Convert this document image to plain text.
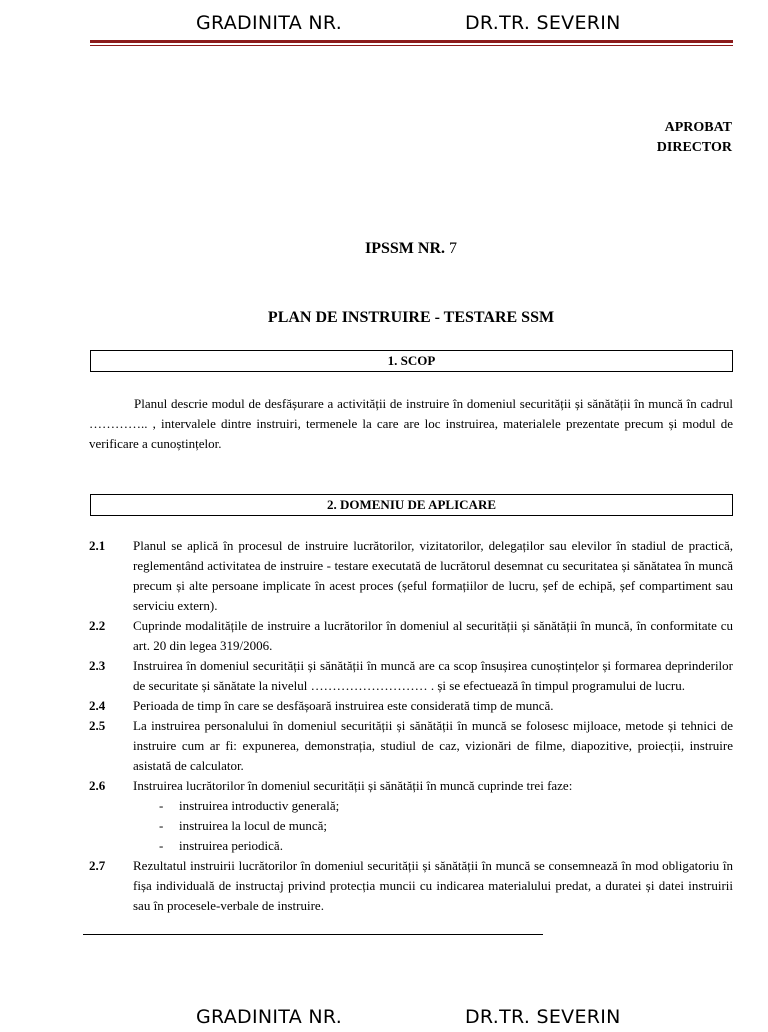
GRADINITA NR.	DR.TR. SEVERIN
APROBAT
DIRECTOR
IPSSM NR. 7
PLAN DE INSTRUIRE - TESTARE SSM
1. SCOP
Planul descrie modul de desfășurare a activității de instruire în domeniul securității și sănătății în muncă în cadrul ………….. , intervalele dintre instruiri, termenele la care are loc instruirea, materialele prezentate precum și modul de verificare a cunoștințelor.
2. DOMENIU DE APLICARE
2.1	Planul se aplică în procesul de instruire lucrătorilor, vizitatorilor, delegaților sau elevilor în stadiul de practică, reglementând activitatea de instruire - testare executată de lucrătorul desemnat cu securitatea și sănătatea în muncă precum și alte persoane implicate în acest proces (șeful formațiilor de lucru, șef de echipă, șef compartiment sau serviciu extern).
2.2	Cuprinde modalitățile de instruire a lucrătorilor în domeniul al securității și sănătății în muncă, în conformitate cu art. 20 din legea 319/2006.
2.3	Instruirea în domeniul securității și sănătății în muncă are ca scop însușirea cunoștințelor și formarea deprinderilor de securitate și sănătate la nivelul ……………………… . și se efectuează în timpul programului de lucru.
2.4	Perioada de timp în care se desfășoară instruirea este considerată timp de muncă.
2.5	La instruirea personalului în domeniul securității și sănătății în muncă se folosesc mijloace, metode și tehnici de instruire cum ar fi: expunerea, demonstrația, studiul de caz, vizionări de filme, diapozitive, proiecții, instruire asistată de calculator.
2.6	Instruirea lucrătorilor în domeniul securității și sănătății în muncă cuprinde trei faze:
-	instruirea introductiv generală;
-	instruirea la locul de muncă;
-	instruirea periodică.
2.7	Rezultatul instruirii lucrătorilor în domeniul securității și sănătății în muncă se consemnează în mod obligatoriu în fișa individuală de instructaj privind protecția muncii cu indicarea materialului predat, a duratei și datei instruirii sau în procesele-verbale de instruire.
GRADINITA NR.	DR.TR. SEVERIN
